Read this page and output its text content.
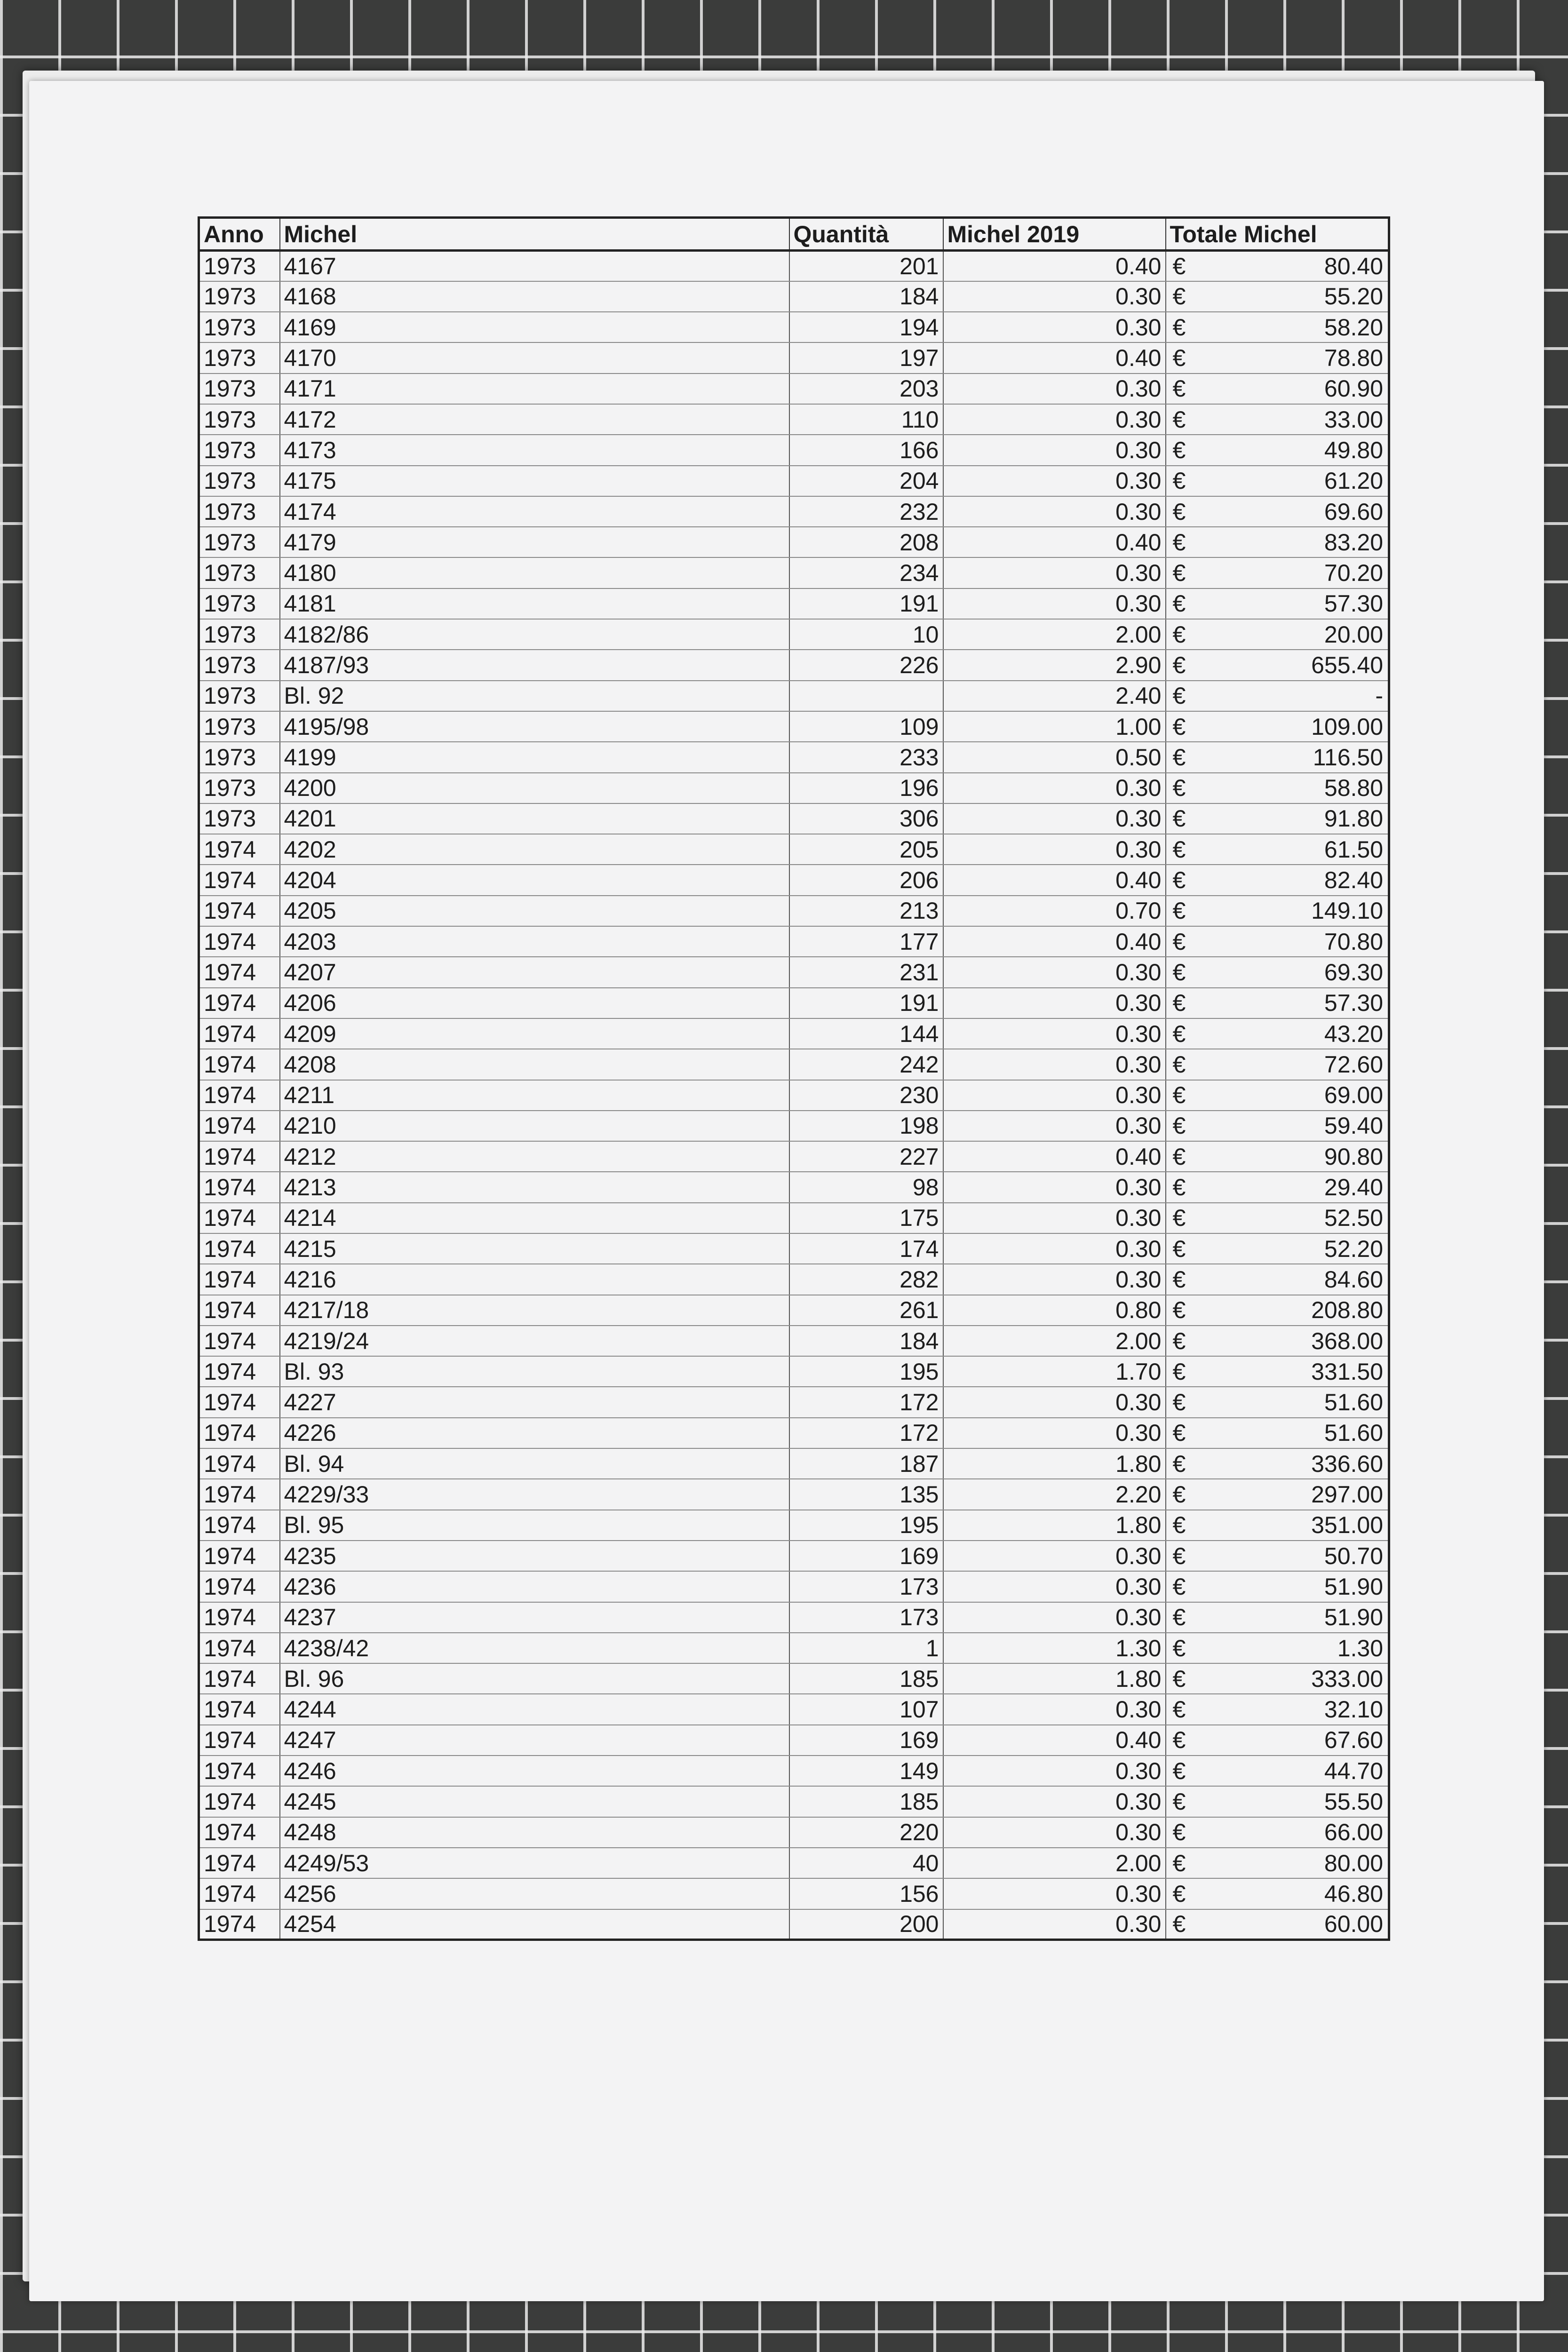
Anno	Michel	Quantità	Michel 2019	Totale Michel	
1973	4167	201	0.40	€	80.40
1973	4168	184	0.30	€	55.20
1973	4169	194	0.30	€	58.20
1973	4170	197	0.40	€	78.80
1973	4171	203	0.30	€	60.90
1973	4172	110	0.30	€	33.00
1973	4173	166	0.30	€	49.80
1973	4175	204	0.30	€	61.20
1973	4174	232	0.30	€	69.60
1973	4179	208	0.40	€	83.20
1973	4180	234	0.30	€	70.20
1973	4181	191	0.30	€	57.30
1973	4182/86	10	2.00	€	20.00
1973	4187/93	226	2.90	€	655.40
1973	Bl. 92		2.40	€	-
1973	4195/98	109	1.00	€	109.00
1973	4199	233	0.50	€	116.50
1973	4200	196	0.30	€	58.80
1973	4201	306	0.30	€	91.80
1974	4202	205	0.30	€	61.50
1974	4204	206	0.40	€	82.40
1974	4205	213	0.70	€	149.10
1974	4203	177	0.40	€	70.80
1974	4207	231	0.30	€	69.30
1974	4206	191	0.30	€	57.30
1974	4209	144	0.30	€	43.20
1974	4208	242	0.30	€	72.60
1974	4211	230	0.30	€	69.00
1974	4210	198	0.30	€	59.40
1974	4212	227	0.40	€	90.80
1974	4213	98	0.30	€	29.40
1974	4214	175	0.30	€	52.50
1974	4215	174	0.30	€	52.20
1974	4216	282	0.30	€	84.60
1974	4217/18	261	0.80	€	208.80
1974	4219/24	184	2.00	€	368.00
1974	Bl. 93	195	1.70	€	331.50
1974	4227	172	0.30	€	51.60
1974	4226	172	0.30	€	51.60
1974	Bl. 94	187	1.80	€	336.60
1974	4229/33	135	2.20	€	297.00
1974	Bl. 95	195	1.80	€	351.00
1974	4235	169	0.30	€	50.70
1974	4236	173	0.30	€	51.90
1974	4237	173	0.30	€	51.90
1974	4238/42	1	1.30	€	1.30
1974	Bl. 96	185	1.80	€	333.00
1974	4244	107	0.30	€	32.10
1974	4247	169	0.40	€	67.60
1974	4246	149	0.30	€	44.70
1974	4245	185	0.30	€	55.50
1974	4248	220	0.30	€	66.00
1974	4249/53	40	2.00	€	80.00
1974	4256	156	0.30	€	46.80
1974	4254	200	0.30	€	60.00
